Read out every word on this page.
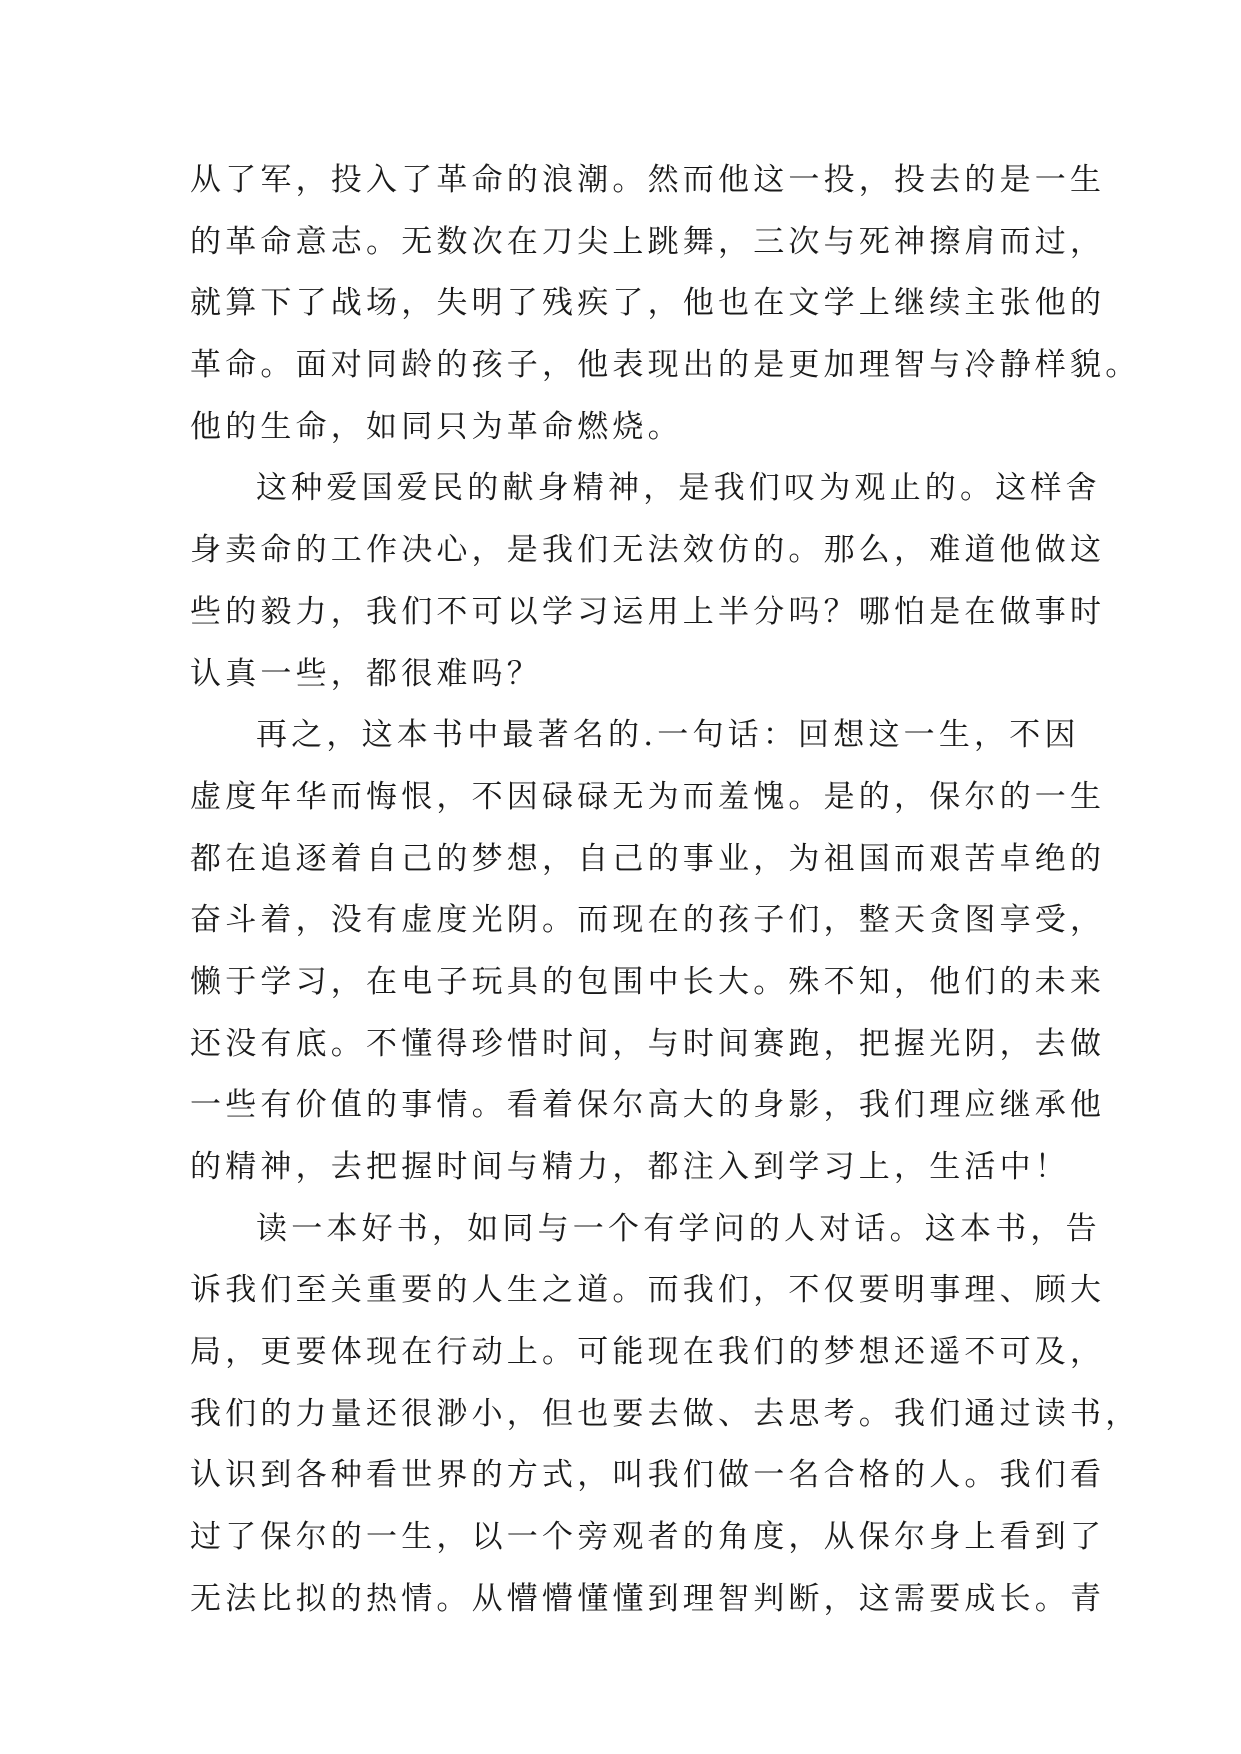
从了军，投入了革命的浪潮。然而他这一投，投去的是一生
的革命意志。无数次在刀尖上跳舞，三次与死神擦肩而过，
就算下了战场，失明了残疾了，他也在文学上继续主张他的
革命。面对同龄的孩子，他表现出的是更加理智与冷静样貌。
他的生命，如同只为革命燃烧。
这种爱国爱民的献身精神，是我们叹为观止的。这样舍
身卖命的工作决心，是我们无法效仿的。那么，难道他做这
些的毅力，我们不可以学习运用上半分吗？哪怕是在做事时
认真一些，都很难吗？
再之，这本书中最著名的.一句话：回想这一生，不因
虚度年华而悔恨，不因碌碌无为而羞愧。是的，保尔的一生
都在追逐着自己的梦想，自己的事业，为祖国而艰苦卓绝的
奋斗着，没有虚度光阴。而现在的孩子们，整天贪图享受，
懒于学习，在电子玩具的包围中长大。殊不知，他们的未来
还没有底。不懂得珍惜时间，与时间赛跑，把握光阴，去做
一些有价值的事情。看着保尔高大的身影，我们理应继承他
的精神，去把握时间与精力，都注入到学习上，生活中！
读一本好书，如同与一个有学问的人对话。这本书，告
诉我们至关重要的人生之道。而我们，不仅要明事理、顾大
局，更要体现在行动上。可能现在我们的梦想还遥不可及，
我们的力量还很渺小，但也要去做、去思考。我们通过读书，
认识到各种看世界的方式，叫我们做一名合格的人。我们看
过了保尔的一生，以一个旁观者的角度，从保尔身上看到了
无法比拟的热情。从懵懵懂懂到理智判断，这需要成长。青
